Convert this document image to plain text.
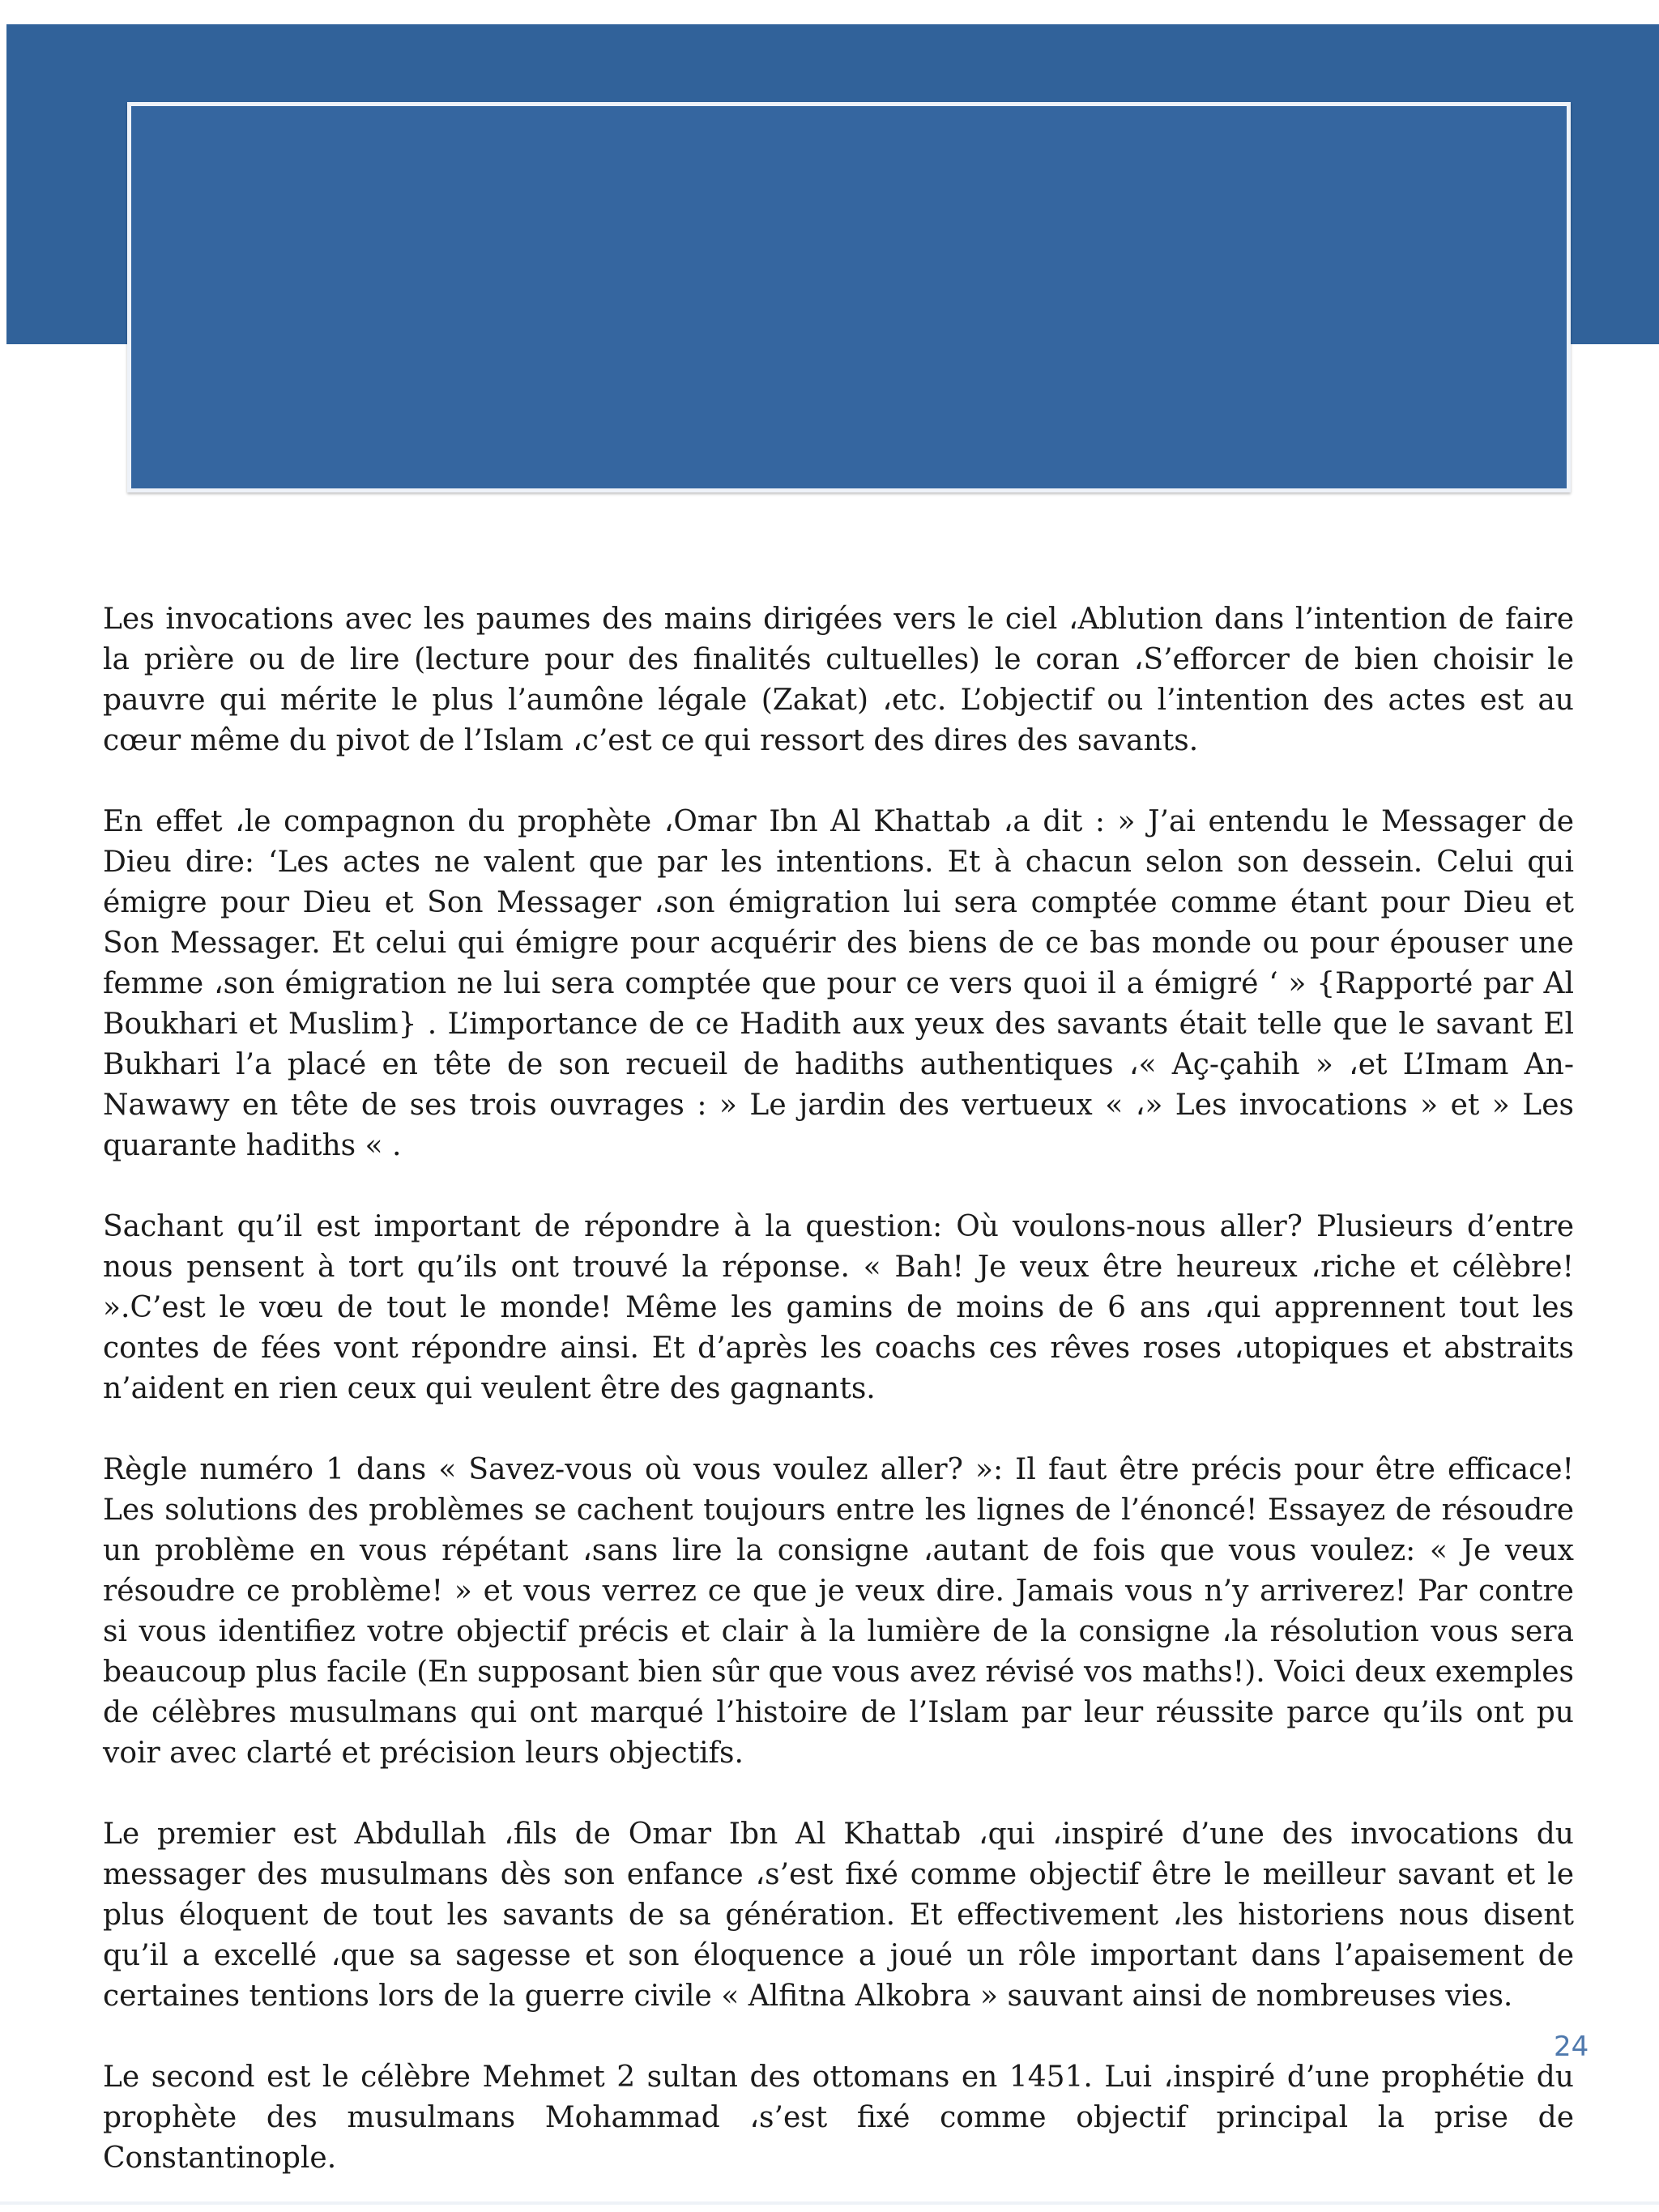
Les invocations avec les paumes des mains dirigées vers le ciel ،Ablution dans l’intention de faire la prière ou de lire (lecture pour des finalités cultuelles) le coran ،S’efforcer de bien choisir le pauvre qui mérite le plus l’aumône légale (Zakat) ،etc. L’objectif ou l’intention des actes est au cœur même du pivot de l’Islam ،c’est ce qui ressort des dires des savants.

En effet ،le compagnon du prophète ،Omar Ibn Al Khattab ،a dit : » J’ai entendu le Messager de Dieu dire: ‘Les actes ne valent que par les intentions. Et à chacun selon son dessein. Celui qui émigre pour Dieu et Son Messager ،son émigration lui sera comptée comme étant pour Dieu et Son Messager. Et celui qui émigre pour acquérir des biens de ce bas monde ou pour épouser une femme ،son émigration ne lui sera comptée que pour ce vers quoi il a émigré ‘ » {Rapporté par Al Boukhari et Muslim} . L’importance de ce Hadith aux yeux des savants était telle que le savant El Bukhari l’a placé en tête de son recueil de hadiths authentiques ،« Aç-çahih » ،et L’Imam An-Nawawy en tête de ses trois ouvrages : » Le jardin des vertueux « ،» Les invocations » et » Les quarante hadiths « .

Sachant qu’il est important de répondre à la question: Où voulons-nous aller? Plusieurs d’entre nous pensent à tort qu’ils ont trouvé la réponse. « Bah! Je veux être heureux ،riche et célèbre! ».C’est le vœu de tout le monde! Même les gamins de moins de 6 ans ،qui apprennent tout les contes de fées vont répondre ainsi. Et d’après les coachs ces rêves roses ،utopiques et abstraits n’aident en rien ceux qui veulent être des gagnants.

Règle numéro 1 dans « Savez-vous où vous voulez aller? »: Il faut être précis pour être efficace! Les solutions des problèmes se cachent toujours entre les lignes de l’énoncé! Essayez de résoudre un problème en vous répétant ،sans lire la consigne ،autant de fois que vous voulez: « Je veux résoudre ce problème! » et vous verrez ce que je veux dire. Jamais vous n’y arriverez! Par contre si vous identifiez votre objectif précis et clair à la lumière de la consigne ،la résolution vous sera beaucoup plus facile (En supposant bien sûr que vous avez révisé vos maths!). Voici deux exemples de célèbres musulmans qui ont marqué l’histoire de l’Islam par leur réussite parce qu’ils ont pu voir avec clarté et précision leurs objectifs.

Le premier est Abdullah ،fils de Omar Ibn Al Khattab ،qui ،inspiré d’une des invocations du messager des musulmans dès son enfance ،s’est fixé comme objectif être le meilleur savant et le plus éloquent de tout les savants de sa génération. Et effectivement ،les historiens nous disent qu’il a excellé ،que sa sagesse et son éloquence a joué un rôle important dans l’apaisement de certaines tentions lors de la guerre civile « Alfitna Alkobra » sauvant ainsi de nombreuses vies.

Le second est le célèbre Mehmet 2 sultan des ottomans en 1451. Lui ،inspiré d’une prophétie du prophète des musulmans Mohammad ،s’est fixé comme objectif principal la prise de Constantinople.

24
